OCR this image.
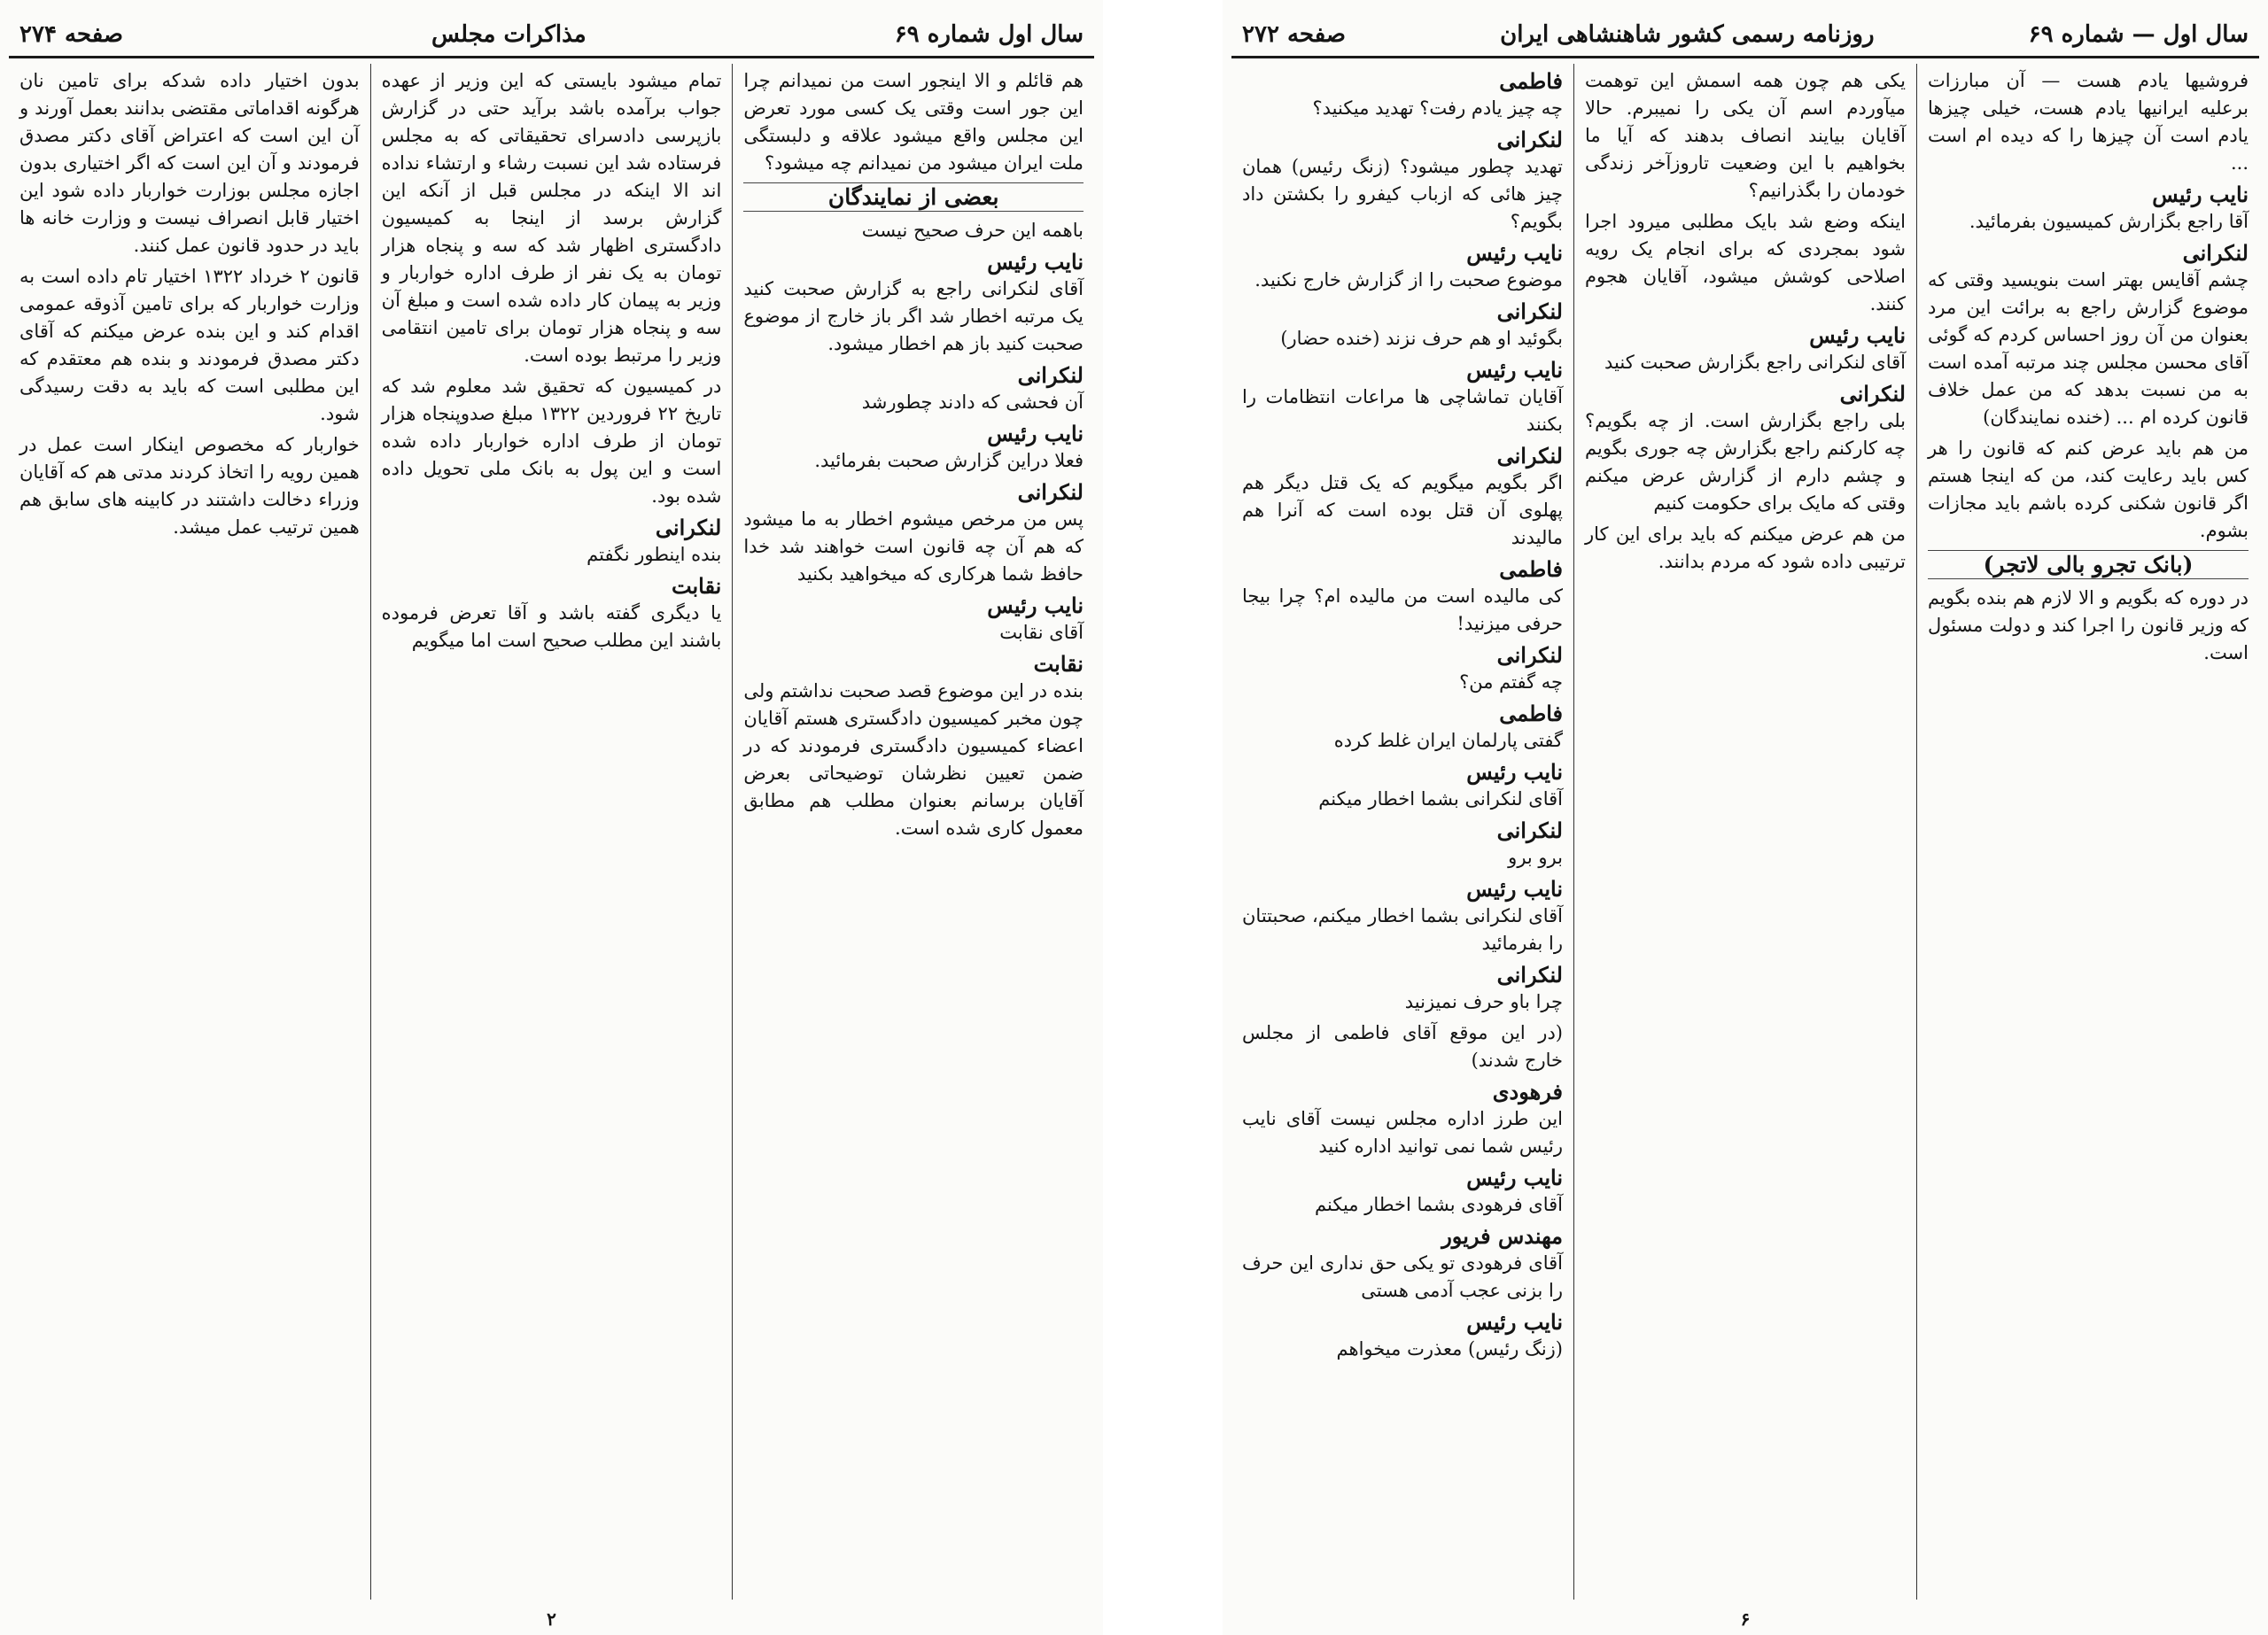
سال اول شماره ۶۹
مذاکرات مجلس
صفحه ۲۷۴

هم قائلم و الا اینجور است من نمیدانم چرا این جور است وقتی یک کسی مورد تعرض این مجلس واقع میشود علاقه و دلبستگی ملت ایران میشود من نمیدانم چه میشود؟

بعضی از نمایندگان

باهمه این حرف صحیح نیست

نایب رئیس

آقای لنکرانی راجع به گزارش صحبت کنید یک مرتبه اخطار شد اگر باز خارج از موضوع صحبت کنید باز هم اخطار میشود.

لنکرانی

آن فحشی که دادند چطورشد

نایب رئیس

فعلا دراین گزارش صحبت بفرمائید.

لنکرانی

پس من مرخص میشوم اخطار به ما میشود که هم آن چه قانون است خواهند شد خدا حافظ شما هرکاری که میخواهید بکنید

نایب رئیس

آقای نقابت

نقابت

بنده در این موضوع قصد صحبت نداشتم ولی چون مخبر کمیسیون دادگستری هستم آقایان اعضاء کمیسیون دادگستری فرمودند که در ضمن تعیین نظرشان توضیحاتی بعرض آقایان برسانم بعنوان مطلب هم مطابق معمول کاری شده است.

تمام میشود بایستی که این وزیر از عهده جواب برآمده باشد برآید حتی در گزارش بازپرسی دادسرای تحقیقاتی که به مجلس فرستاده شد این نسبت رشاء و ارتشاء نداده اند الا اینکه در مجلس قبل از آنکه این گزارش برسد از اینجا به کمیسیون دادگستری اظهار شد که سه و پنجاه هزار تومان به یک نفر از طرف اداره خواربار و وزیر به پیمان کار داده شده است و مبلغ آن سه و پنجاه هزار تومان برای تامین انتقامی وزیر را مرتبط بوده است.

در کمیسیون که تحقیق شد معلوم شد که تاریخ ۲۲ فروردین ۱۳۲۲ مبلغ صدوپنجاه هزار تومان از طرف اداره خواربار داده شده است و این پول به بانک ملی تحویل داده شده بود.

لنکرانی

بنده اینطور نگفتم

نقابت

یا دیگری گفته باشد و آقا تعرض فرموده باشند این مطلب صحیح است اما میگویم

بدون اختیار داده شدکه برای تامین نان هرگونه اقداماتی مقتضی بدانند بعمل آورند و آن این است که اعتراض آقای دکتر مصدق فرمودند و آن این است که اگر اختیاری بدون اجازه مجلس بوزارت خواربار داده شود این اختیار قابل انصراف نیست و وزارت خانه ها باید در حدود قانون عمل کنند.

قانون ۲ خرداد ۱۳۲۲ اختیار تام داده است به وزارت خواربار که برای تامین آذوقه عمومی اقدام کند و این بنده عرض میکنم که آقای دکتر مصدق فرمودند و بنده هم معتقدم که این مطلبی است که باید به دقت رسیدگی شود.

خواربار که مخصوص اینکار است عمل در همین رویه را اتخاذ کردند مدتی هم که آقایان وزراء دخالت داشتند در کابینه های سابق هم همین ترتیب عمل میشد.

۲
سال اول — شماره ۶۹
روزنامه رسمی کشور شاهنشاهی ایران
صفحه ۲۷۲

فروشیها یادم هست — آن مبارزات برعلیه ایرانیها یادم هست، خیلی چیزها یادم است آن چیزها را که دیده ام است ...

نایب رئیس

آقا راجع بگزارش کمیسیون بفرمائید.

لنکرانی

چشم آقایس بهتر است بنویسید وقتی که موضوع گزارش راجع به برائت این مرد بعنوان من آن روز احساس کردم که گوئی آقای محسن مجلس چند مرتبه آمده است به من نسبت بدهد که من عمل خلاف قانون کرده ام ... (خنده نمایندگان)

من هم باید عرض کنم که قانون را هر کس باید رعایت کند، من که اینجا هستم اگر قانون شکنی کرده باشم باید مجازات بشوم.

(بانک تجرو بالی لاتجر)

در دوره که بگویم و الا لازم هم بنده بگویم که وزیر قانون را اجرا کند و دولت مسئول است.

یکی هم چون همه اسمش این توهمت میآوردم اسم آن یکی را نمیبرم. حالا آقایان بیایند انصاف بدهند که آیا ما بخواهیم با این وضعیت تاروزآخر زندگی خودمان را بگذرانیم؟

اینکه وضع شد بایک مطلبی میرود اجرا شود بمجردی که برای انجام یک رویه اصلاحی کوشش میشود، آقایان هجوم کنند.

نایب رئیس

آقای لنکرانی راجع بگزارش صحبت کنید

لنکرانی

بلی راجع بگزارش است. از چه بگویم؟ چه کارکنم راجع بگزارش چه جوری بگویم و چشم دارم از گزارش عرض میکنم وقتی که مایک برای حکومت کنیم

من هم عرض میکنم که باید برای این کار ترتیبی داده شود که مردم بدانند.

فاطمی

چه چیز یادم رفت؟ تهدید میکنید؟

لنکرانی

تهدید چطور میشود؟ (زنگ رئیس) همان چیز هائی که ازباب کیفرو را بکشتن داد بگویم؟

نایب رئیس

موضوع صحبت را از گزارش خارج نکنید.

لنکرانی

بگوئید او هم حرف نزند (خنده حضار)

نایب رئیس

آقایان تماشاچی ها مراعات انتظامات را بکنند

لنکرانی

اگر بگویم میگویم که یک قتل دیگر هم پهلوی آن قتل بوده است که آنرا هم مالیدند

فاطمی

کی مالیده است من مالیده ام؟ چرا بیجا حرفی میزنید!

لنکرانی

چه گفتم من؟

فاطمی

گفتی پارلمان ایران غلط کرده

نایب رئیس

آقای لنکرانی بشما اخطار میکنم

لنکرانی

برو برو

نایب رئیس

آقای لنکرانی بشما اخطار میکنم، صحبتتان را بفرمائید

لنکرانی

چرا باو حرف نمیزنید

(در این موقع آقای فاطمی از مجلس خارج شدند)

فرهودی

این طرز اداره مجلس نیست آقای نایب رئیس شما نمی توانید اداره کنید

نایب رئیس

آقای فرهودی بشما اخطار میکنم

مهندس فریور

آقای فرهودی تو یکی حق نداری این حرف را بزنی عجب آدمی هستی

نایب رئیس

(زنگ رئیس) معذرت میخواهم

۶
